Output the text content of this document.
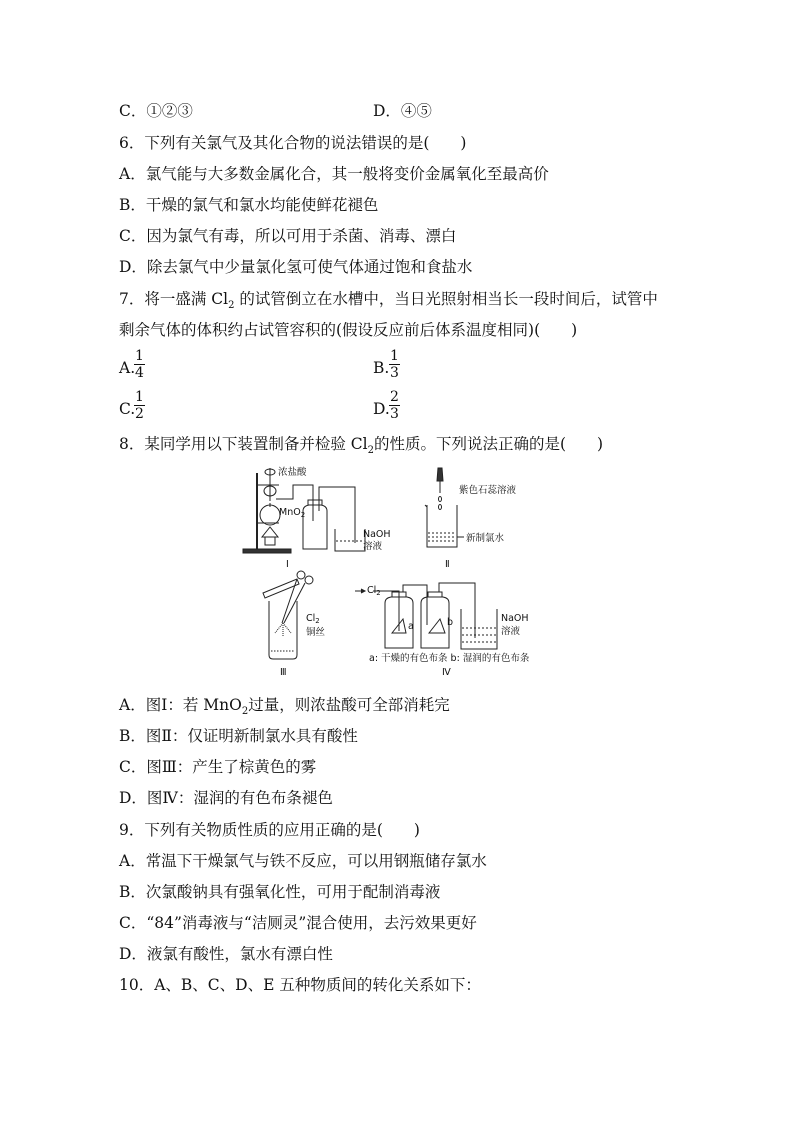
C．①②③	D．④⑤
6．下列有关氯气及其化合物的说法错误的是(　　)
A．氯气能与大多数金属化合，其一般将变价金属氧化至最高价
B．干燥的氯气和氯水均能使鲜花褪色
C．因为氯气有毒，所以可用于杀菌、消毒、漂白
D．除去氯气中少量氯化氢可使气体通过饱和食盐水
7．将一盛满 $Cl_2$ 的试管倒立在水槽中，当日光照射相当长一段时间后，试管中
剩余气体的体积约占试管容积的(假设反应前后体系温度相同)(　　)
A.
$\frac{1}{4}$	B. $\frac{1}{3}$
C.
$\frac{1}{2}$	D. $\frac{2}{3}$
8．某同学用以下装置制备并检验 $Cl_2$的性质。下列说法正确的是(　　)
浓盐酸
MnO$_2$
NaOH
溶液
Ⅰ
紫色石蕊溶液
新制氯水
Ⅱ
$Cl_2$
铜丝
Ⅲ
$Cl_2$
a	b	NaOH
溶液
a: 干燥的有色布条 b: 湿润的有色布条
Ⅳ
A．图Ⅰ：若 MnO$_2$过量，则浓盐酸可全部消耗完
B．图Ⅱ：仅证明新制氯水具有酸性
C．图Ⅲ：产生了棕黄色的雾
D．图Ⅳ：湿润的有色布条褪色
9．下列有关物质性质的应用正确的是(　　)
A．常温下干燥氯气与铁不反应，可以用钢瓶储存氯水
B．次氯酸钠具有强氧化性，可用于配制消毒液
C．“84”消毒液与“洁厕灵”混合使用，去污效果更好
D．液氯有酸性，氯水有漂白性
10．A、B、C、D、E 五种物质间的转化关系如下：
